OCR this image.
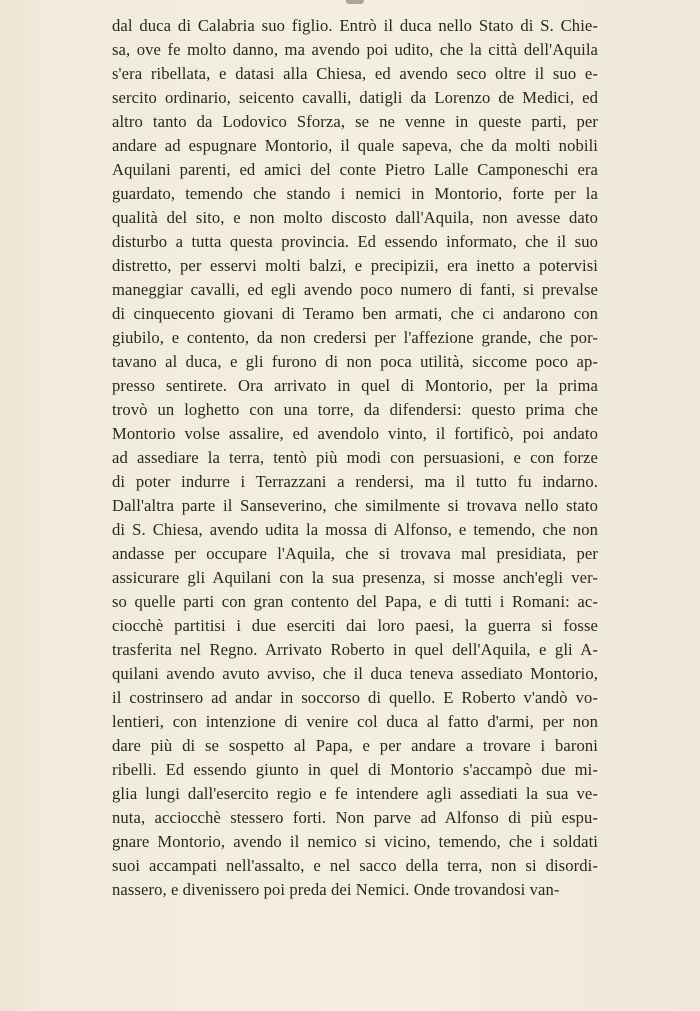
dal duca di Calabria suo figlio. Entrò il duca nello Stato di S. Chie-
sa, ove fe molto danno, ma avendo poi udito, che la città dell'Aquila
s'era ribellata, e datasi alla Chiesa, ed avendo seco oltre il suo e-
sercito ordinario, seicento cavalli, datigli da Lorenzo de Medici, ed
altro tanto da Lodovico Sforza, se ne venne in queste parti, per
andare ad espugnare Montorio, il quale sapeva, che da molti nobili
Aquilani parenti, ed amici del conte Pietro Lalle Camponeschi era
guardato, temendo che stando i nemici in Montorio, forte per la
qualità del sito, e non molto discosto dall'Aquila, non avesse dato
disturbo a tutta questa provincia. Ed essendo informato, che il suo
distretto, per esservi molti balzi, e precipizii, era inetto a potervisi
maneggiar cavalli, ed egli avendo poco numero di fanti, si prevalse
di cinquecento giovani di Teramo ben armati, che ci andarono con
giubilo, e contento, da non credersi per l'affezione grande, che por-
tavano al duca, e gli furono di non poca utilità, siccome poco ap-
presso sentirete. Ora arrivato in quel di Montorio, per la prima
trovò un loghetto con una torre, da difendersi: questo prima che
Montorio volse assalire, ed avendolo vinto, il fortificò, poi andato
ad assediare la terra, tentò più modi con persuasioni, e con forze
di poter indurre i Terrazzani a rendersi, ma il tutto fu indarno.
Dall'altra parte il Sanseverino, che similmente si trovava nello stato
di S. Chiesa, avendo udita la mossa di Alfonso, e temendo, che non
andasse per occupare l'Aquila, che si trovava mal presidiata, per
assicurare gli Aquilani con la sua presenza, si mosse anch'egli ver-
so quelle parti con gran contento del Papa, e di tutti i Romani: ac-
ciocchè partitisi i due eserciti dai loro paesi, la guerra si fosse
trasferita nel Regno. Arrivato Roberto in quel dell'Aquila, e gli A-
quilani avendo avuto avviso, che il duca teneva assediato Montorio,
il costrinsero ad andar in soccorso di quello. E Roberto v'andò vo-
lentieri, con intenzione di venire col duca al fatto d'armi, per non
dare più di se sospetto al Papa, e per andare a trovare i baroni
ribelli. Ed essendo giunto in quel di Montorio s'accampò due mi-
glia lungi dall'esercito regio e fe intendere agli assediati la sua ve-
nuta, acciocchè stessero forti. Non parve ad Alfonso di più espu-
gnare Montorio, avendo il nemico si vicino, temendo, che i soldati
suoi accampati nell'assalto, e nel sacco della terra, non si disordi-
nassero, e divenissero poi preda dei Nemici. Onde trovandosi van-
